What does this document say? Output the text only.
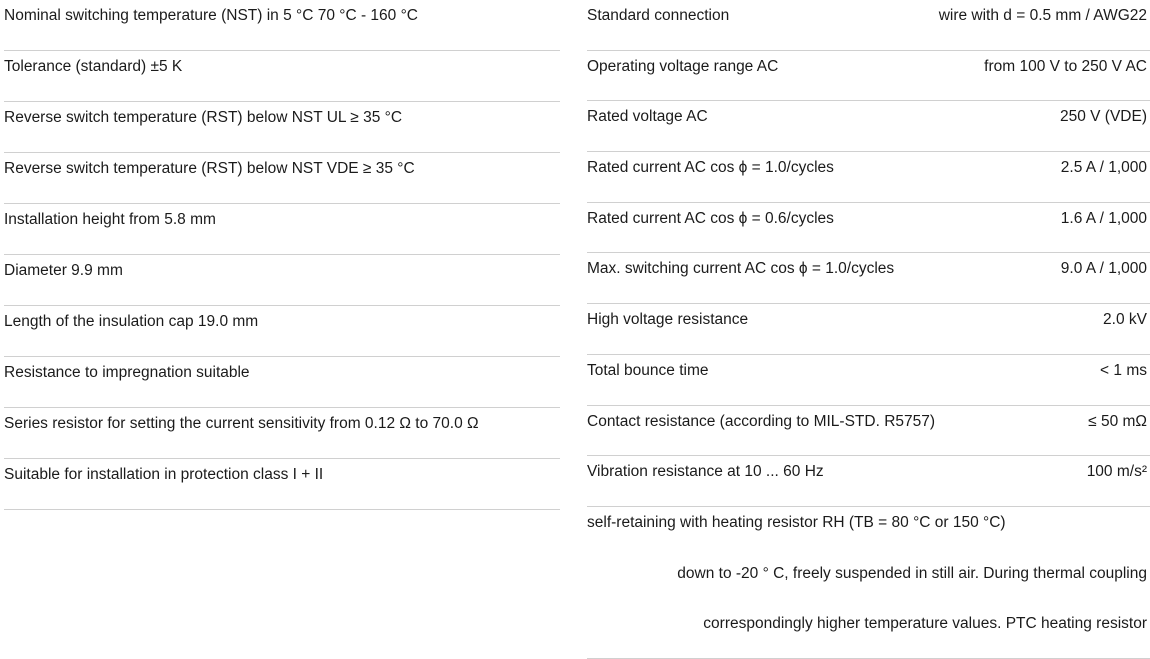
Nominal switching temperature (NST) in 5 °C 70 °C - 160 °C
Tolerance (standard) ±5 K
Reverse switch temperature (RST) below NST UL ≥ 35 °C
Reverse switch temperature (RST) below NST VDE ≥ 35 °C
Installation height from 5.8 mm
Diameter 9.9 mm
Length of the insulation cap 19.0 mm
Resistance to impregnation suitable
Series resistor for setting the current sensitivity from 0.12 Ω to 70.0 Ω
Suitable for installation in protection class I + II
Standard connection	wire with d = 0.5 mm / AWG22
Operating voltage range AC	from 100 V to 250 V AC
Rated voltage AC	250 V (VDE)
Rated current AC cos ϕ = 1.0/cycles	2.5 A / 1,000
Rated current AC cos ϕ = 0.6/cycles	1.6 A / 1,000
Max. switching current AC cos ϕ = 1.0/cycles	9.0 A / 1,000
High voltage resistance	2.0 kV
Total bounce time	< 1 ms
Contact resistance (according to MIL-STD. R5757)	≤ 50 mΩ
Vibration resistance at 10 ... 60 Hz	100 m/s²
self-retaining with heating resistor RH (TB = 80 °C or 150 °C)
down to -20 ° C, freely suspended in still air. During thermal coupling
correspondingly higher temperature values. PTC heating resistor
